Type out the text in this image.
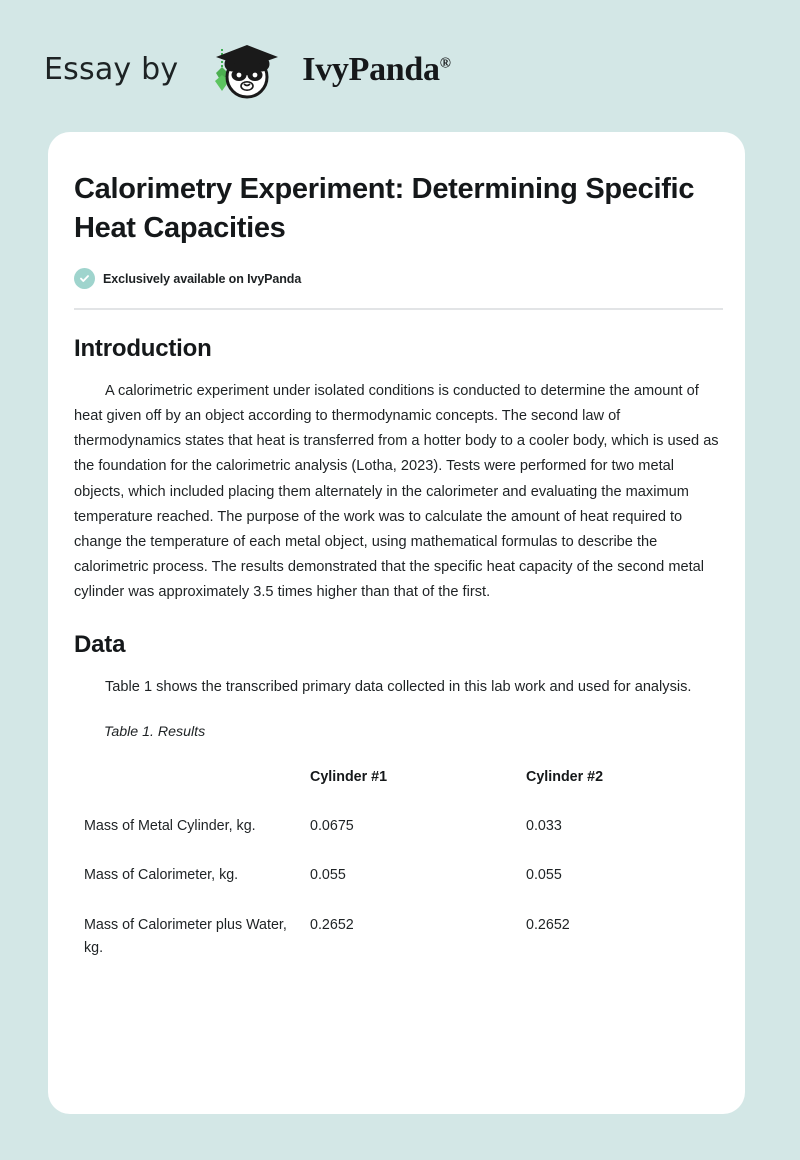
Essay by	IvyPanda®
Calorimetry Experiment: Determining Specific Heat Capacities
Exclusively available on IvyPanda
Introduction

A calorimetric experiment under isolated conditions is conducted to determine the amount of heat given off by an object according to thermodynamic concepts. The second law of thermodynamics states that heat is transferred from a hotter body to a cooler body, which is used as the foundation for the calorimetric analysis (Lotha, 2023). Tests were performed for two metal objects, which included placing them alternately in the calorimeter and evaluating the maximum temperature reached. The purpose of the work was to calculate the amount of heat required to change the temperature of each metal object, using mathematical formulas to describe the calorimetric process. The results demonstrated that the specific heat capacity of the second metal cylinder was approximately 3.5 times higher than that of the first.

Data

Table 1 shows the transcribed primary data collected in this lab work and used for analysis.

Table 1. Results
	Cylinder #1	Cylinder #2
Mass of Metal Cylinder, kg.	0.0675	0.033
Mass of Calorimeter, kg.	0.055	0.055
Mass of Calorimeter plus Water, kg.	0.2652	0.2652
